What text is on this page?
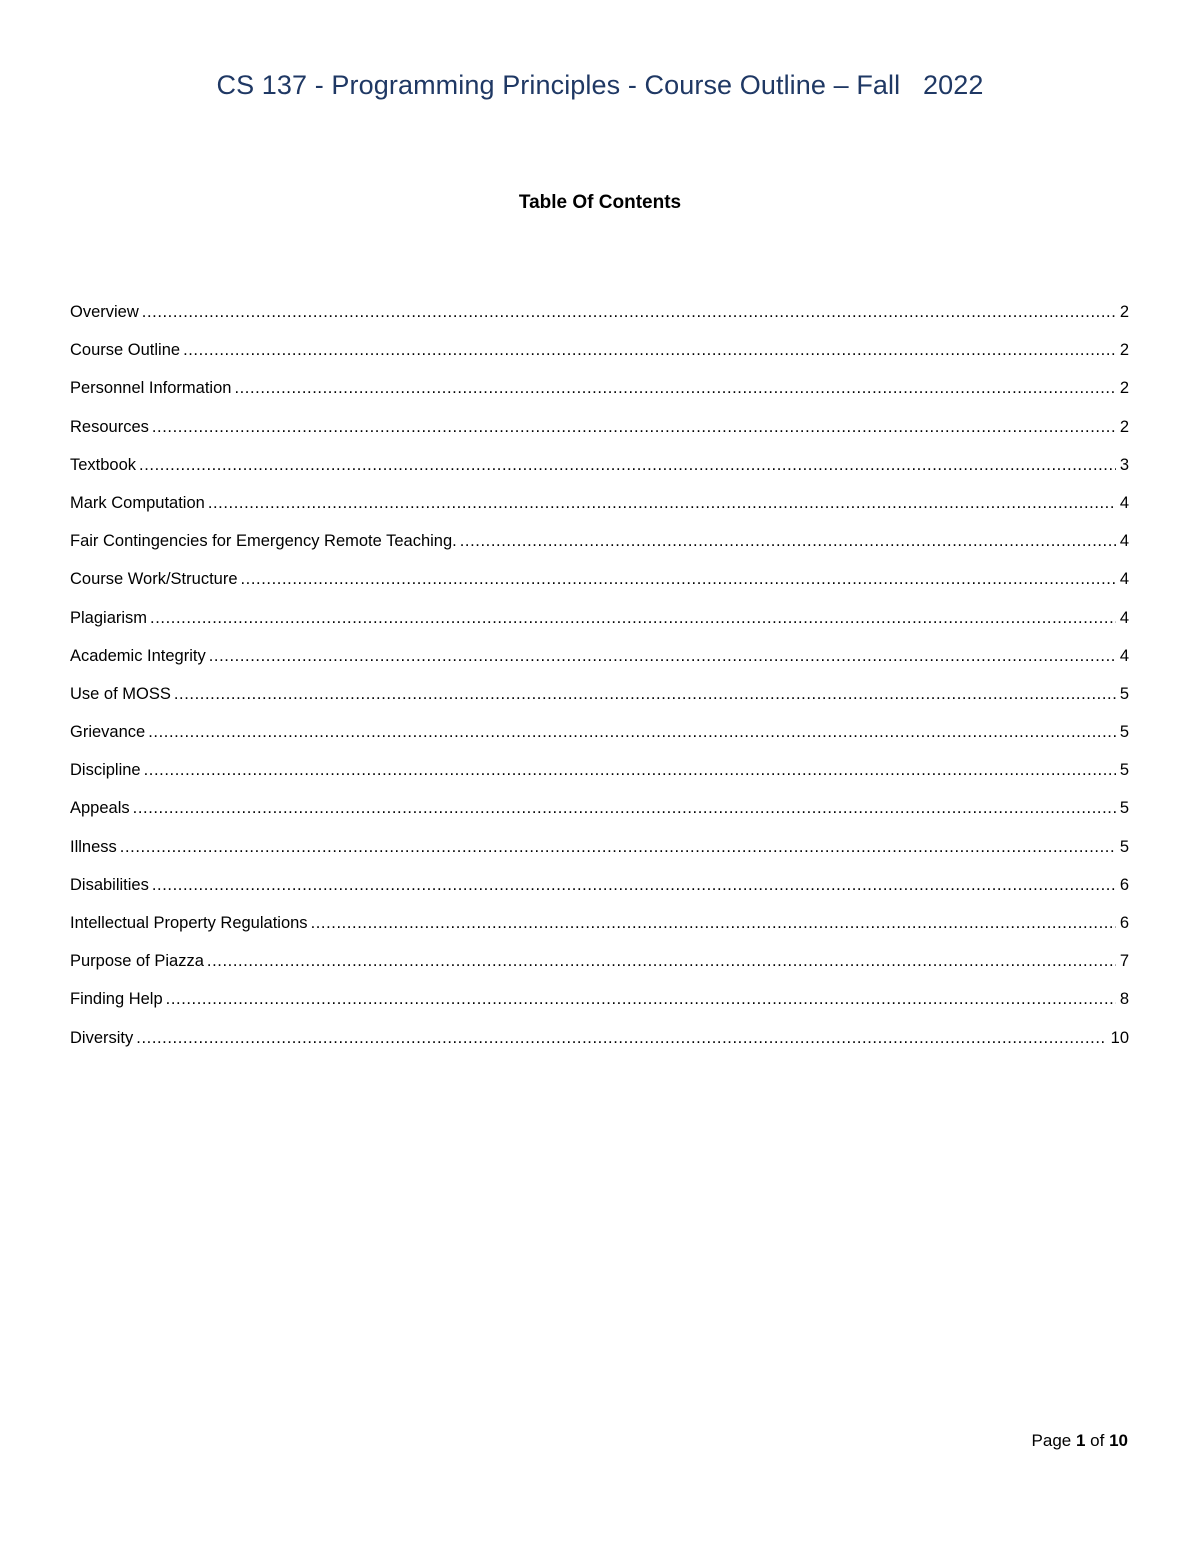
CS 137 - Programming Principles - Course Outline – Fall   2022
Table Of Contents
Overview .....	2
Course Outline .....	2
Personnel Information .....	2
Resources .....	2
Textbook .....	3
Mark Computation .....	4
Fair Contingencies for Emergency Remote Teaching. .....	4
Course Work/Structure .....	4
Plagiarism .....	4
Academic Integrity .....	4
Use of MOSS .....	5
Grievance .....	5
Discipline .....	5
Appeals .....	5
Illness .....	5
Disabilities .....	6
Intellectual Property Regulations .....	6
Purpose of Piazza .....	7
Finding Help .....	8
Diversity .....	10
Page 1 of 10
